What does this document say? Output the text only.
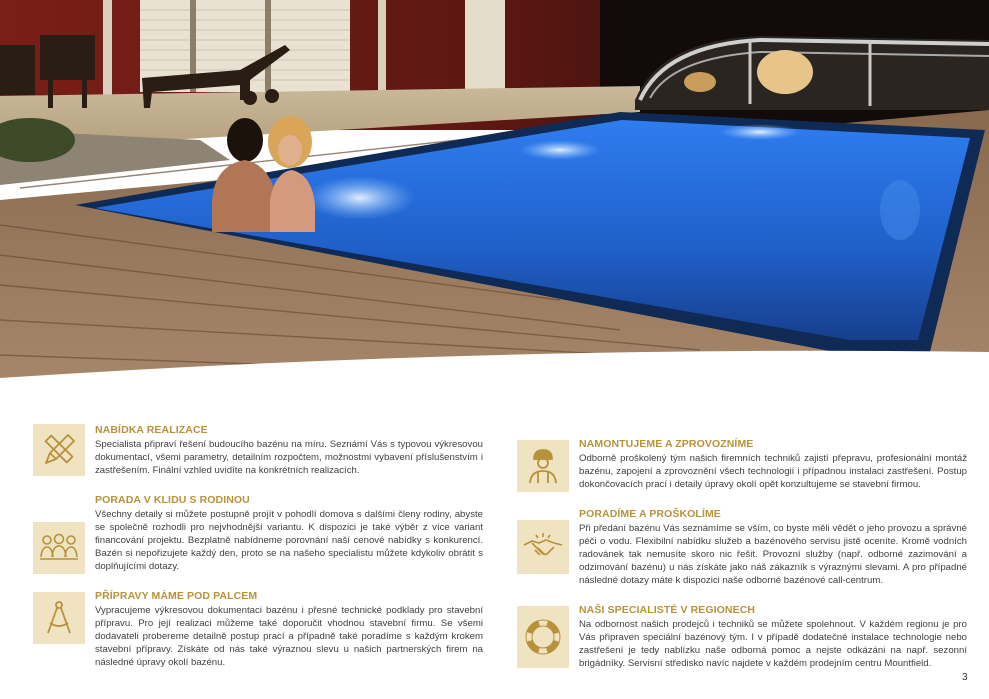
NABÍDKA REALIZACE

Specialista připraví řešení budoucího bazénu na míru. Seznámí Vás s typovou výkresovou dokumentací, všemi parametry, detailním rozpočtem, možnostmi vybavení příslušenstvím i zastřešením. Finální vzhled uvidíte na konkrétních realizacích.

PORADA V KLIDU S RODINOU

Všechny detaily si můžete postupně projít v pohodlí domova s dalšími členy rodiny, abyste se společně rozhodli pro nejvhodnější variantu. K dispozici je také výběr z více variant financování projektu. Bezplatně nabídneme porovnání naší cenové nabídky s konkurencí. Bazén si nepořizujete každý den, proto se na našeho specialistu můžete kdykoliv obrátit s doplňujícími dotazy.

PŘÍPRAVY MÁME POD PALCEM

Vypracujeme výkresovou dokumentaci bazénu i přesné technické podklady pro stavební přípravu. Pro její realizaci můžeme také doporučit vhodnou stavební firmu. Se všemi dodavateli probereme detailně postup prací a případně také poradíme s každým krokem stavební přípravy. Získáte od nás také výraznou slevu u našich partnerských firem na následné úpravy okolí bazénu.

NAMONTUJEME A ZPROVOZNÍME

Odborně proškolený tým našich firemních techniků zajistí přepravu, profesionální montáž bazénu, zapojení a zprovoznění všech technologií i případnou instalaci zastřešení. Postup dokončovacích prací i detaily úpravy okolí opět konzultujeme se stavební firmou.

PORADÍME A PROŠKOLÍME

Při předání bazénu Vás seznámíme se vším, co byste měli vědět o jeho provozu a správné péči o vodu. Flexibilní nabídku služeb a bazénového servisu jistě oceníte. Kromě vodních radovánek tak nemusíte skoro nic řešit. Provozní služby (např. odborné zazimování a odzimování bazénu) u nás získáte jako náš zákazník s výraznými slevami. A pro případné následné dotazy máte k dispozici naše odborné bazénové call-centrum.

NAŠI SPECIALISTÉ V REGIONECH

Na odbornost našich prodejců i techniků se můžete spolehnout. V každém regionu je pro Vás připraven speciální bazénový tým. I v případě dodatečné instalace technologie nebo zastřešení je tedy nablízku naše odborná pomoc a nejste odkázáni na např. sezonní brigádníky. Servisní středisko navíc najdete v každém prodejním centru Mountfield.

3
